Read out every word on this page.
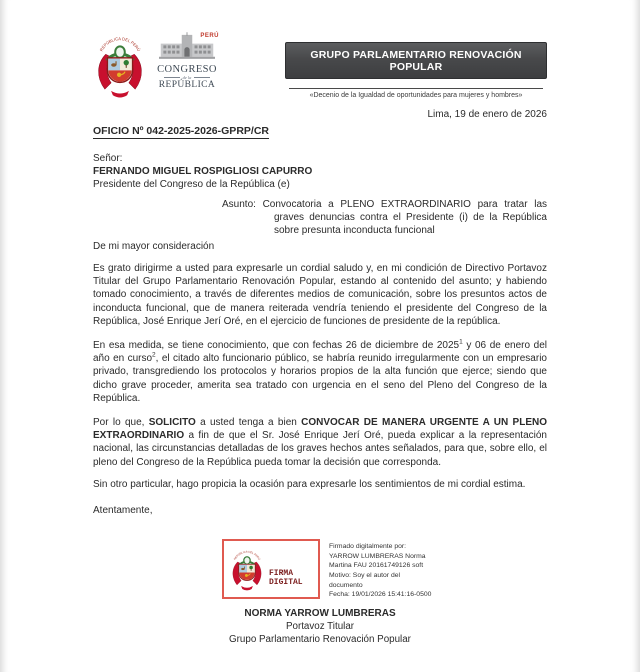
PERÚ
CONGRESO
de la
REPÚBLICA
GRUPO PARLAMENTARIO RENOVACIÓN POPULAR
«Decenio de la Igualdad de oportunidades para mujeres y hombres»
Lima, 19 de enero de 2026
OFICIO Nº 042-2025-2026-GPRP/CR
Señor:
FERNANDO MIGUEL ROSPIGLIOSI CAPURRO
Presidente del Congreso de la República (e)

Asunto: Convocatoria a PLENO EXTRAORDINARIO para tratar las graves denuncias contra el Presidente (i) de la República sobre presunta inconducta funcional

De mi mayor consideración

Es grato dirigirme a usted para expresarle un cordial saludo y, en mi condición de Directivo Portavoz Titular del Grupo Parlamentario Renovación Popular, estando al contenido del asunto; y habiendo tomado conocimiento, a través de diferentes medios de comunicación, sobre los presuntos actos de inconducta funcional, que de manera reiterada vendría teniendo el presidente del Congreso de la República, José Enrique Jerí Oré, en el ejercicio de funciones de presidente de la república.

En esa medida, se tiene conocimiento, que con fechas 26 de diciembre de 2025$^1$ y 06 de enero del año en curso$^2$, el citado alto funcionario público, se habría reunido irregularmente con un empresario privado, transgrediendo los protocolos y horarios propios de la alta función que ejerce; siendo que dicho grave proceder, amerita sea tratado con urgencia en el seno del Pleno del Congreso de la República.

Por lo que, SOLICITO a usted tenga a bien CONVOCAR DE MANERA URGENTE A UN PLENO EXTRAORDINARIO a fin de que el Sr. José Enrique Jerí Oré, pueda explicar a la representación nacional, las circunstancias detalladas de los graves hechos antes señalados, para que, sobre ello, el pleno del Congreso de la República pueda tomar la decisión que corresponda.

Sin otro particular, hago propicia la ocasión para expresarle los sentimientos de mi cordial estima.

Atentamente,

FIRMA
DIGITAL
Firmado digitalmente por:
YARROW LUMBRERAS Norma
Martina FAU 20161749126 soft
Motivo: Soy el autor del
documento
Fecha: 19/01/2026 15:41:16-0500
NORMA YARROW LUMBRERAS
Portavoz Titular
Grupo Parlamentario Renovación Popular
